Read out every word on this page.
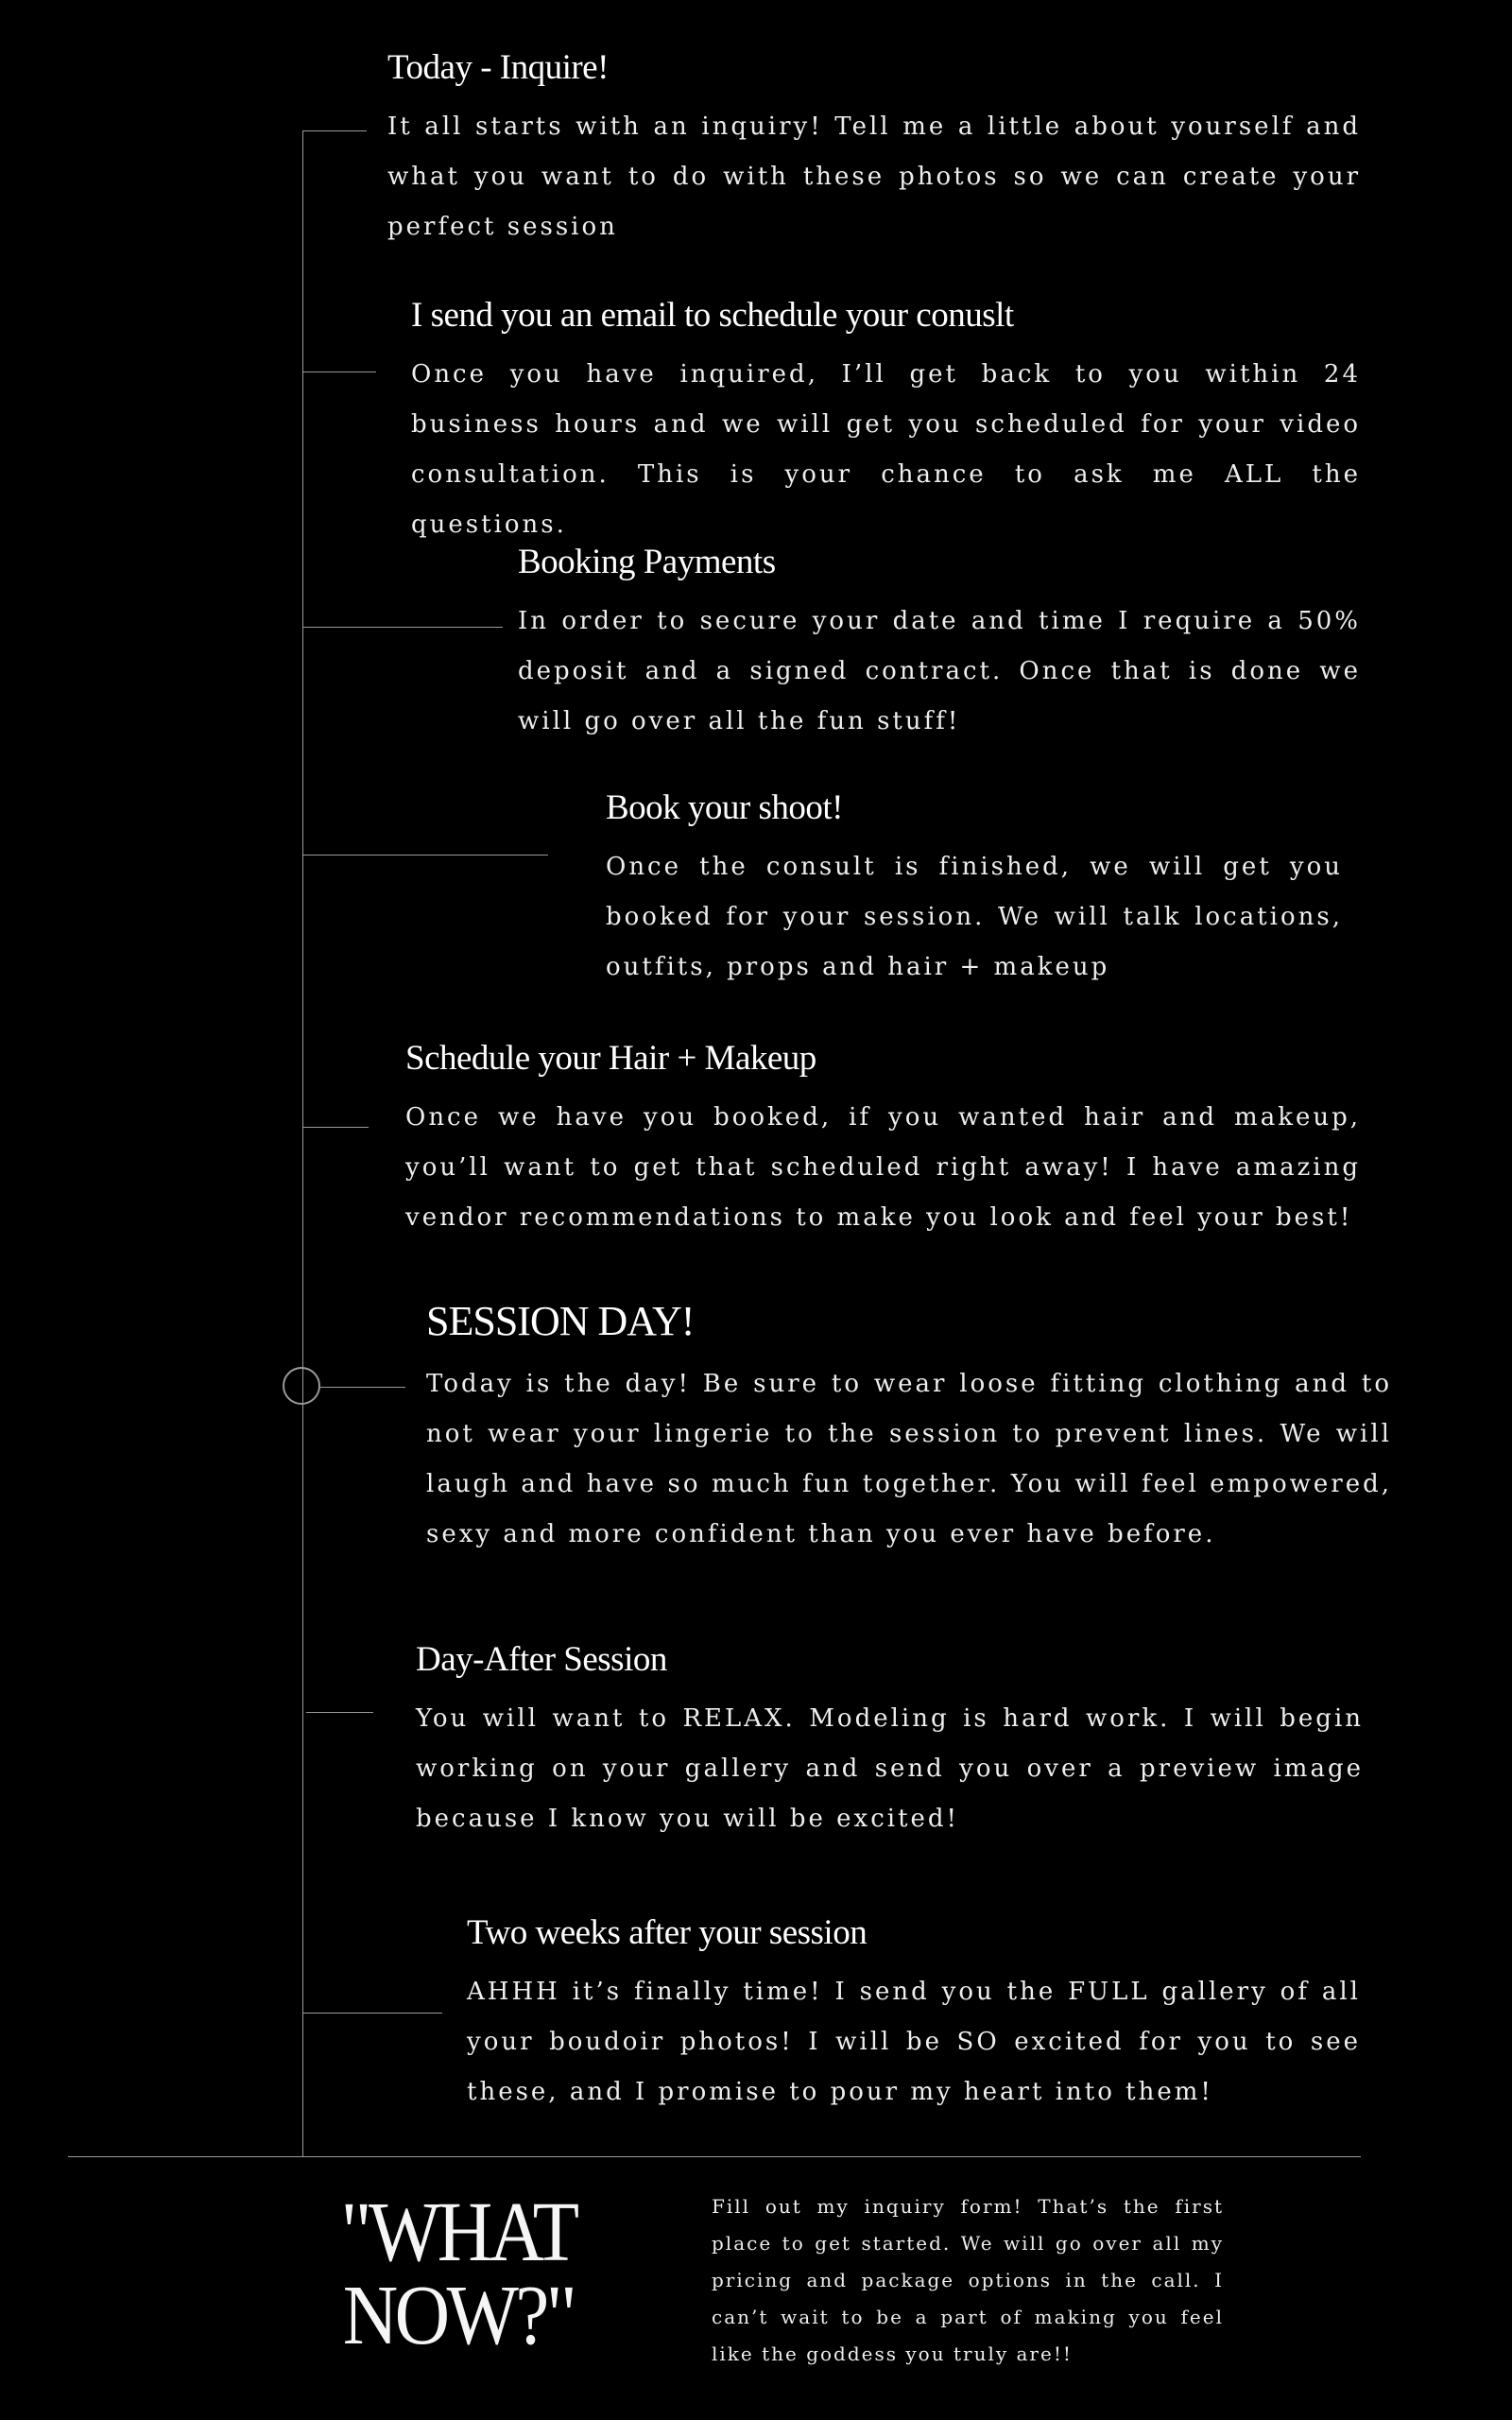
Today - Inquire!

It all starts with an inquiry! Tell me a little about yourself and what you want to do with these photos so we can create your perfect session

I send you an email to schedule your conuslt

Once you have inquired, I’ll get back to you within 24 business hours and we will get you scheduled for your video consultation. This is your chance to ask me ALL the questions.

Booking Payments

In order to secure your date and time I require a 50% deposit and a signed contract. Once that is done we will go over all the fun stuff!

Book your shoot!

Once the consult is finished, we will get you booked for your session. We will talk locations, outfits, props and hair + makeup

Schedule your Hair + Makeup

Once we have you booked, if you wanted hair and makeup, you’ll want to get that scheduled right away! I have amazing vendor recommendations to make you look and feel your best!

SESSION DAY!

Today is the day! Be sure to wear loose fitting clothing and to not wear your lingerie to the session to prevent lines. We will laugh and have so much fun together. You will feel empowered, sexy and more confident than you ever have before.

Day-After Session

You will want to RELAX. Modeling is hard work. I will begin working on your gallery and send you over a preview image because I know you will be excited!

Two weeks after your session

AHHH it’s finally time! I send you the FULL gallery of all your boudoir photos! I will be SO excited for you to see these, and I promise to pour my heart into them!

"WHAT
NOW?"

Fill out my inquiry form! That’s the first place to get started. We will go over all my pricing and package options in the call. I can’t wait to be a part of making you feel like the goddess you truly are!!
